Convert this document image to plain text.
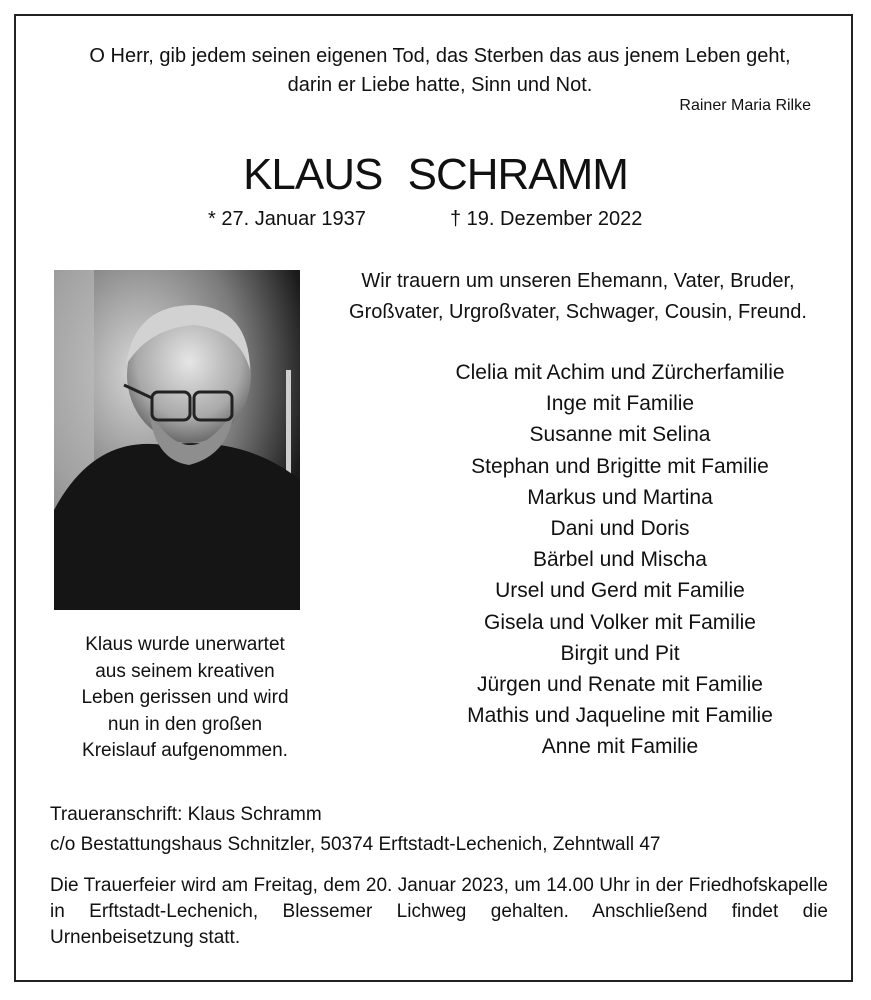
O Herr, gib jedem seinen eigenen Tod, das Sterben das aus jenem Leben geht,
darin er Liebe hatte, Sinn und Not.
Rainer Maria Rilke
KLAUS SCHRAMM
* 27. Januar 1937	† 19. Dezember 2022
Wir trauern um unseren Ehemann, Vater, Bruder,
Großvater, Urgroßvater, Schwager, Cousin, Freund.
Clelia mit Achim und Zürcherfamilie
Inge mit Familie
Susanne mit Selina
Stephan und Brigitte mit Familie
Markus und Martina
Dani und Doris
Bärbel und Mischa
Ursel und Gerd mit Familie
Gisela und Volker mit Familie
Birgit und Pit
Jürgen und Renate mit Familie
Mathis und Jaqueline mit Familie
Anne mit Familie
Klaus wurde unerwartet
aus seinem kreativen
Leben gerissen und wird
nun in den großen
Kreislauf aufgenommen.
Traueranschrift: Klaus Schramm
c/o Bestattungshaus Schnitzler, 50374 Erftstadt-Lechenich, Zehntwall 47
Die Trauerfeier wird am Freitag, dem 20. Januar 2023, um 14.00 Uhr in der Friedhofskapelle in Erftstadt-Lechenich, Blessemer Lichweg gehalten. Anschließend findet die Urnenbeisetzung statt.
